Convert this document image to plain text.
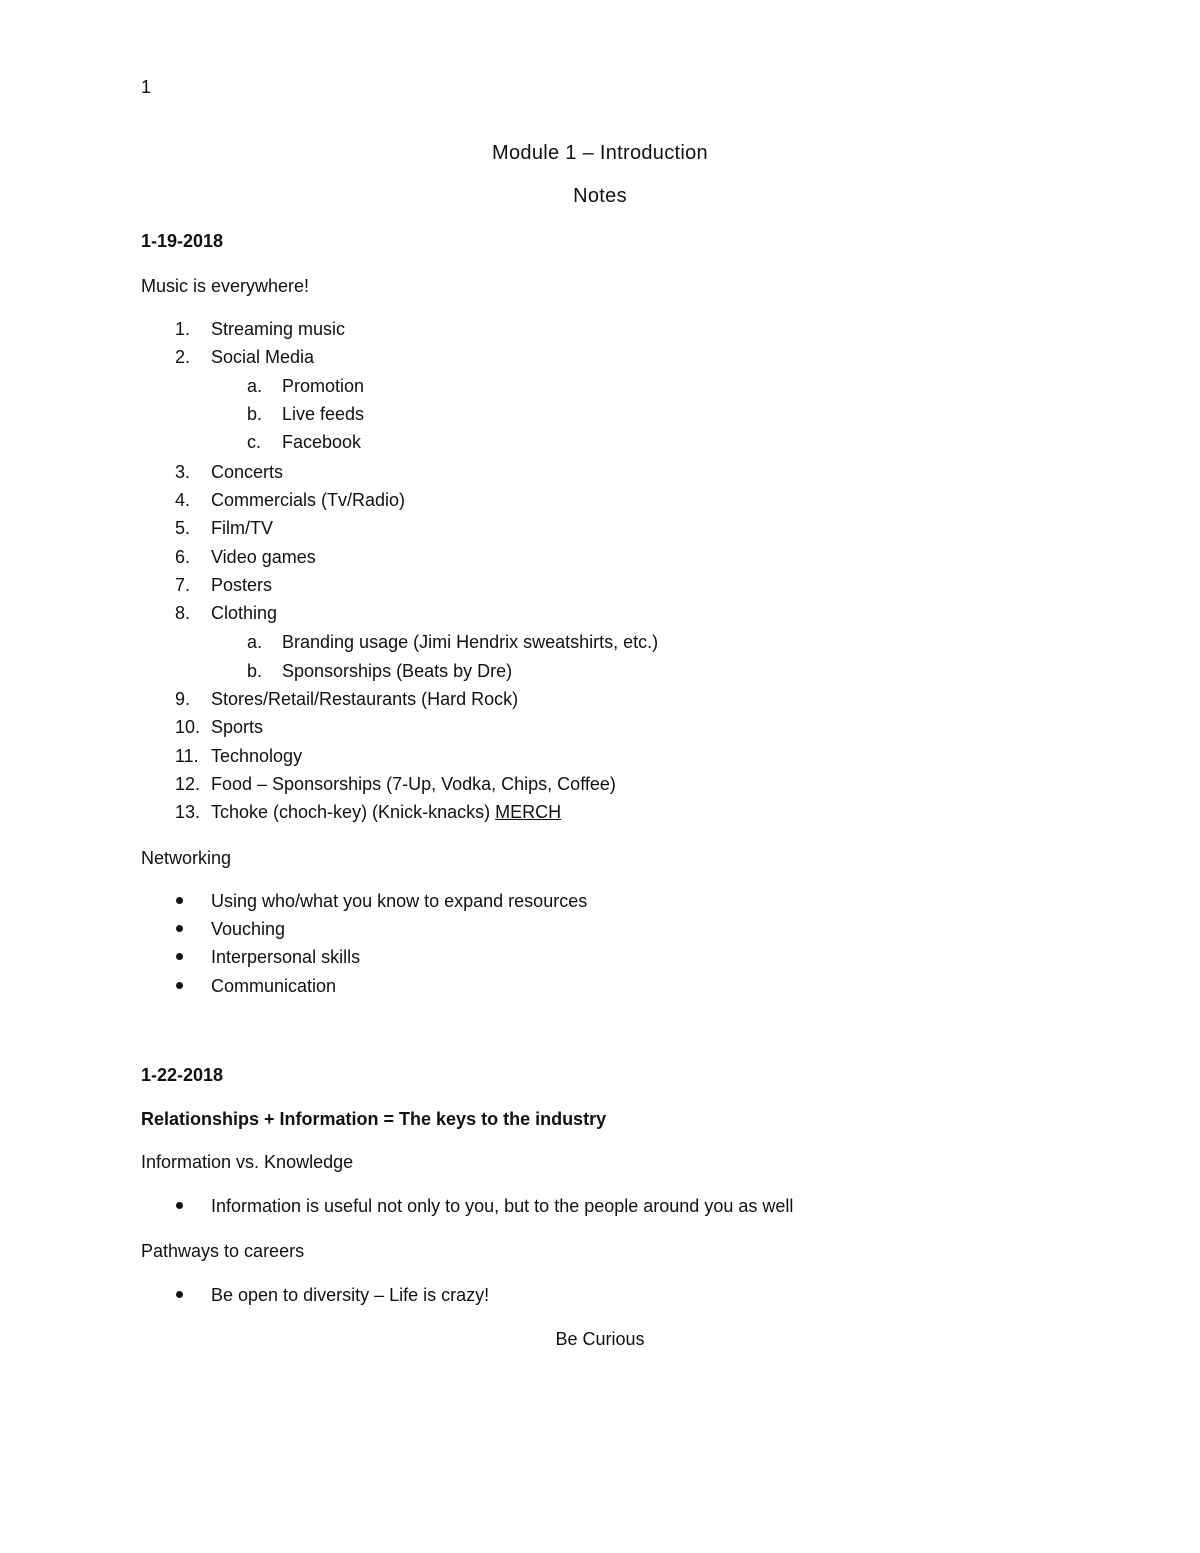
1
Module 1 – Introduction
Notes
1-19-2018
Music is everywhere!
1. Streaming music
2. Social Media
a. Promotion
b. Live feeds
c. Facebook
3. Concerts
4. Commercials (Tv/Radio)
5. Film/TV
6. Video games
7. Posters
8. Clothing
a. Branding usage (Jimi Hendrix sweatshirts, etc.)
b. Sponsorships (Beats by Dre)
9. Stores/Retail/Restaurants (Hard Rock)
10. Sports
11. Technology
12. Food – Sponsorships (7-Up, Vodka, Chips, Coffee)
13. Tchoke (choch-key) (Knick-knacks) MERCH
Networking
Using who/what you know to expand resources
Vouching
Interpersonal skills
Communication
1-22-2018
Relationships + Information = The keys to the industry
Information vs. Knowledge
Information is useful not only to you, but to the people around you as well
Pathways to careers
Be open to diversity – Life is crazy!
Be Curious
